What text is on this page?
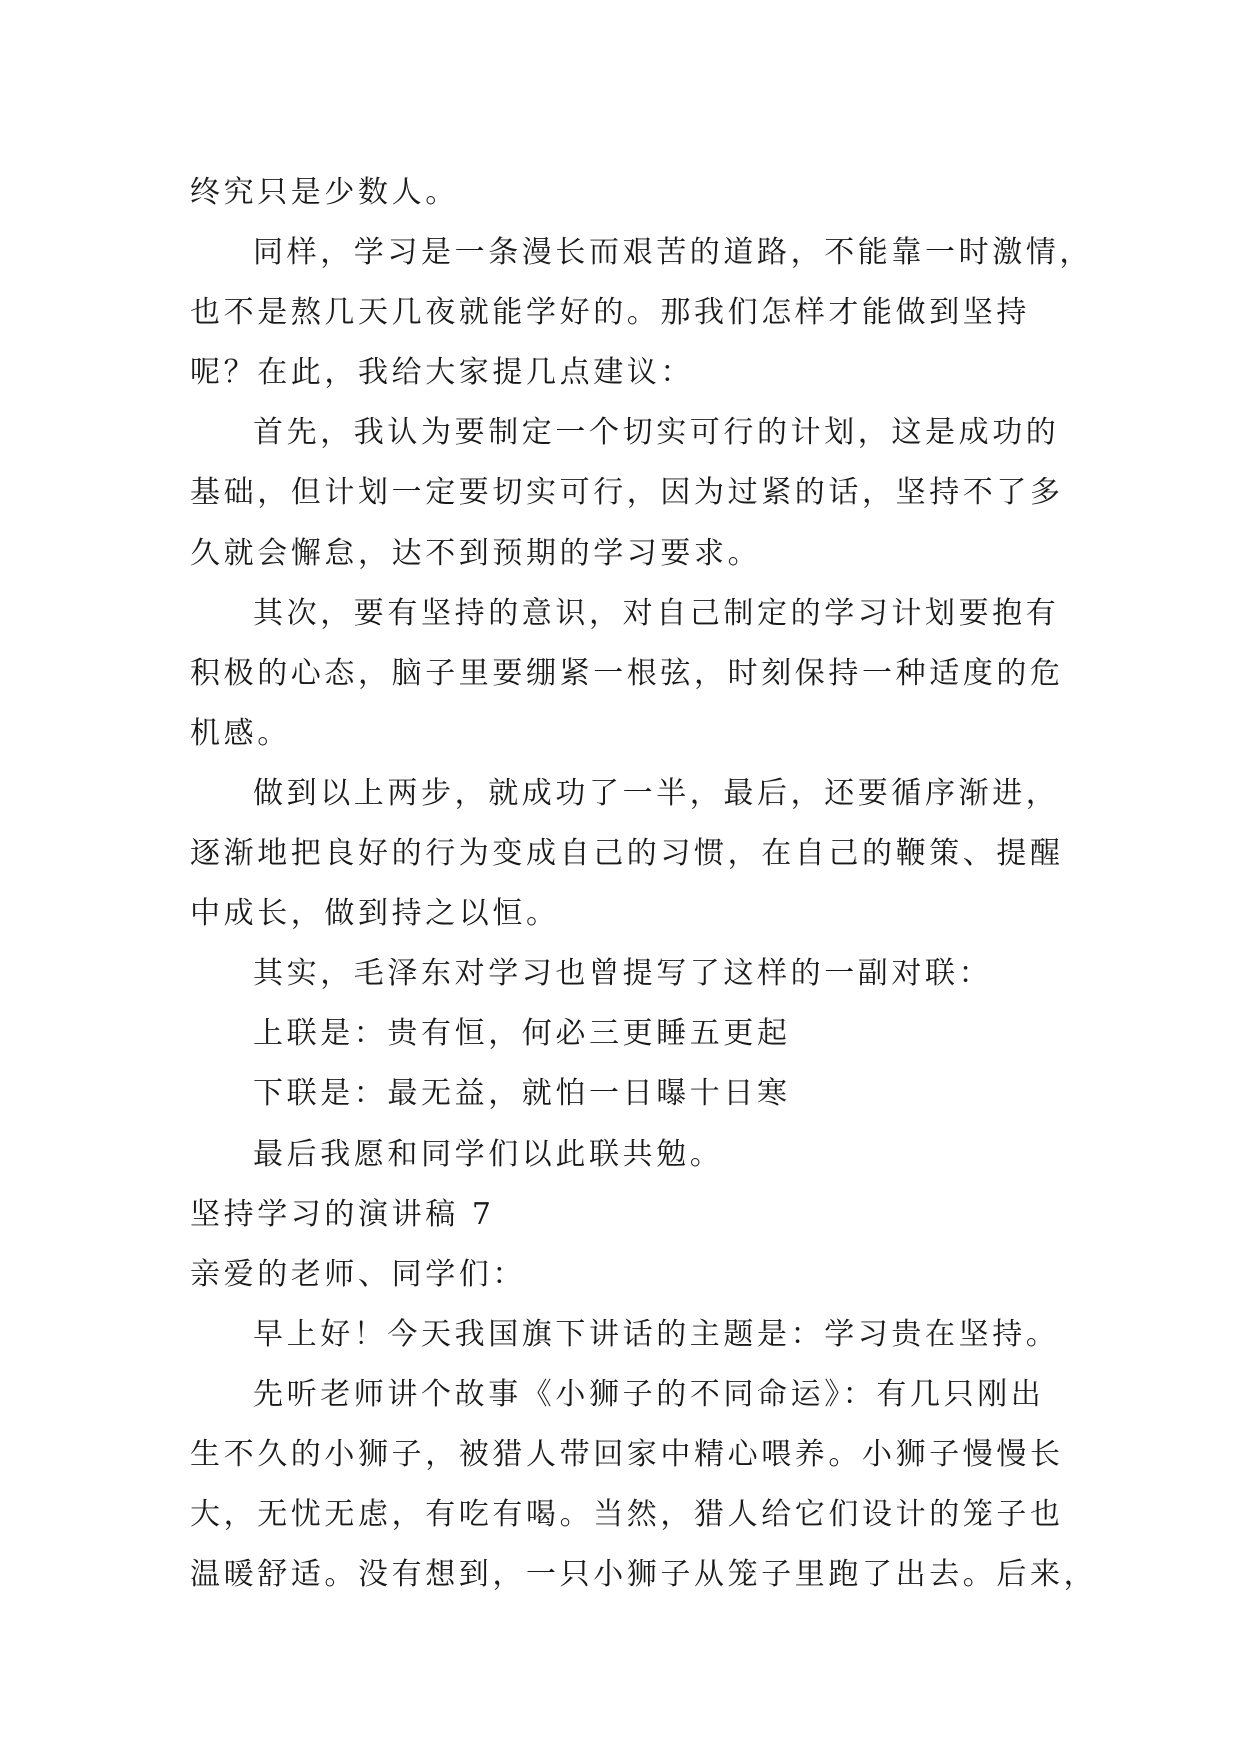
终究只是少数人。

同样，学习是一条漫长而艰苦的道路，不能靠一时激情，
也不是熬几天几夜就能学好的。那我们怎样才能做到坚持
呢？在此，我给大家提几点建议：

首先，我认为要制定一个切实可行的计划，这是成功的
基础，但计划一定要切实可行，因为过紧的话，坚持不了多
久就会懈怠，达不到预期的学习要求。

其次，要有坚持的意识，对自己制定的学习计划要抱有
积极的心态，脑子里要绷紧一根弦，时刻保持一种适度的危
机感。

做到以上两步，就成功了一半，最后，还要循序渐进，
逐渐地把良好的行为变成自己的习惯，在自己的鞭策、提醒
中成长，做到持之以恒。

其实，毛泽东对学习也曾提写了这样的一副对联：

上联是：贵有恒，何必三更睡五更起

下联是：最无益，就怕一日曝十日寒

最后我愿和同学们以此联共勉。

坚持学习的演讲稿 7

亲爱的老师、同学们：

早上好！今天我国旗下讲话的主题是：学习贵在坚持。

先听老师讲个故事《小狮子的不同命运》：有几只刚出
生不久的小狮子，被猎人带回家中精心喂养。小狮子慢慢长
大，无忧无虑，有吃有喝。当然，猎人给它们设计的笼子也
温暖舒适。没有想到，一只小狮子从笼子里跑了出去。后来，
